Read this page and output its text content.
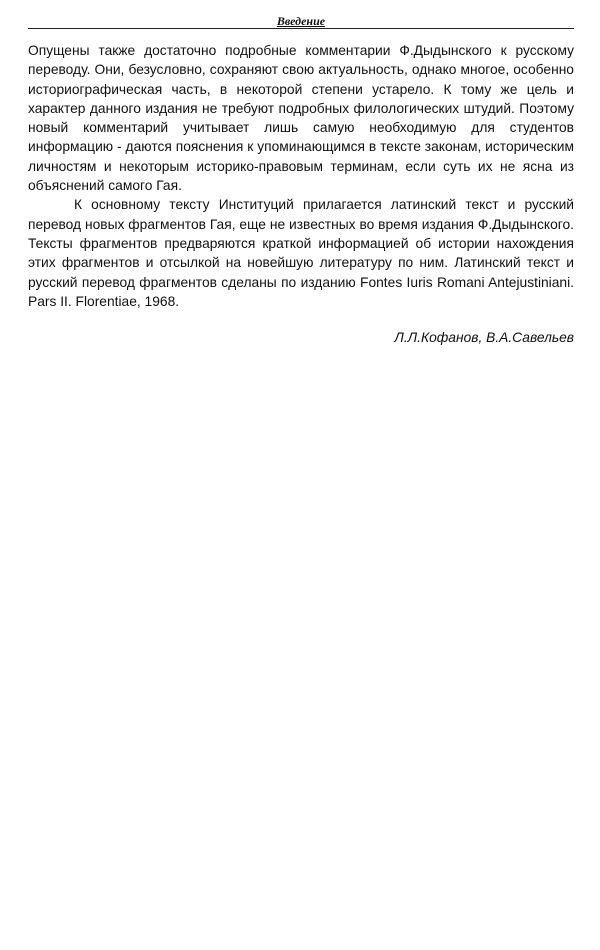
Введение

Опущены также достаточно подробные комментарии Ф.Дыдынского к русскому переводу. Они, безусловно, сохраняют свою актуальность, однако многое, особенно историографическая часть, в некоторой степени устарело. К тому же цель и характер данного издания не требуют подробных филологических штудий. Поэтому новый комментарий учитывает лишь самую необходимую для студентов информацию - даются пояснения к упоминающимся в тексте законам, историческим личностям и некоторым историко-правовым терминам, если суть их не ясна из объяснений самого Гая.

К основному тексту Институций прилагается латинский текст и русский перевод новых фрагментов Гая, еще не известных во время издания Ф.Дыдынского. Тексты фрагментов предваряются краткой информацией об истории нахождения этих фрагментов и отсылкой на новейшую литературу по ним. Латинский текст и русский перевод фрагментов сделаны по изданию Fontes Iuris Romani Antejustiniani. Pars II. Florentiae, 1968.

Л.Л.Кофанов, В.А.Савельев
